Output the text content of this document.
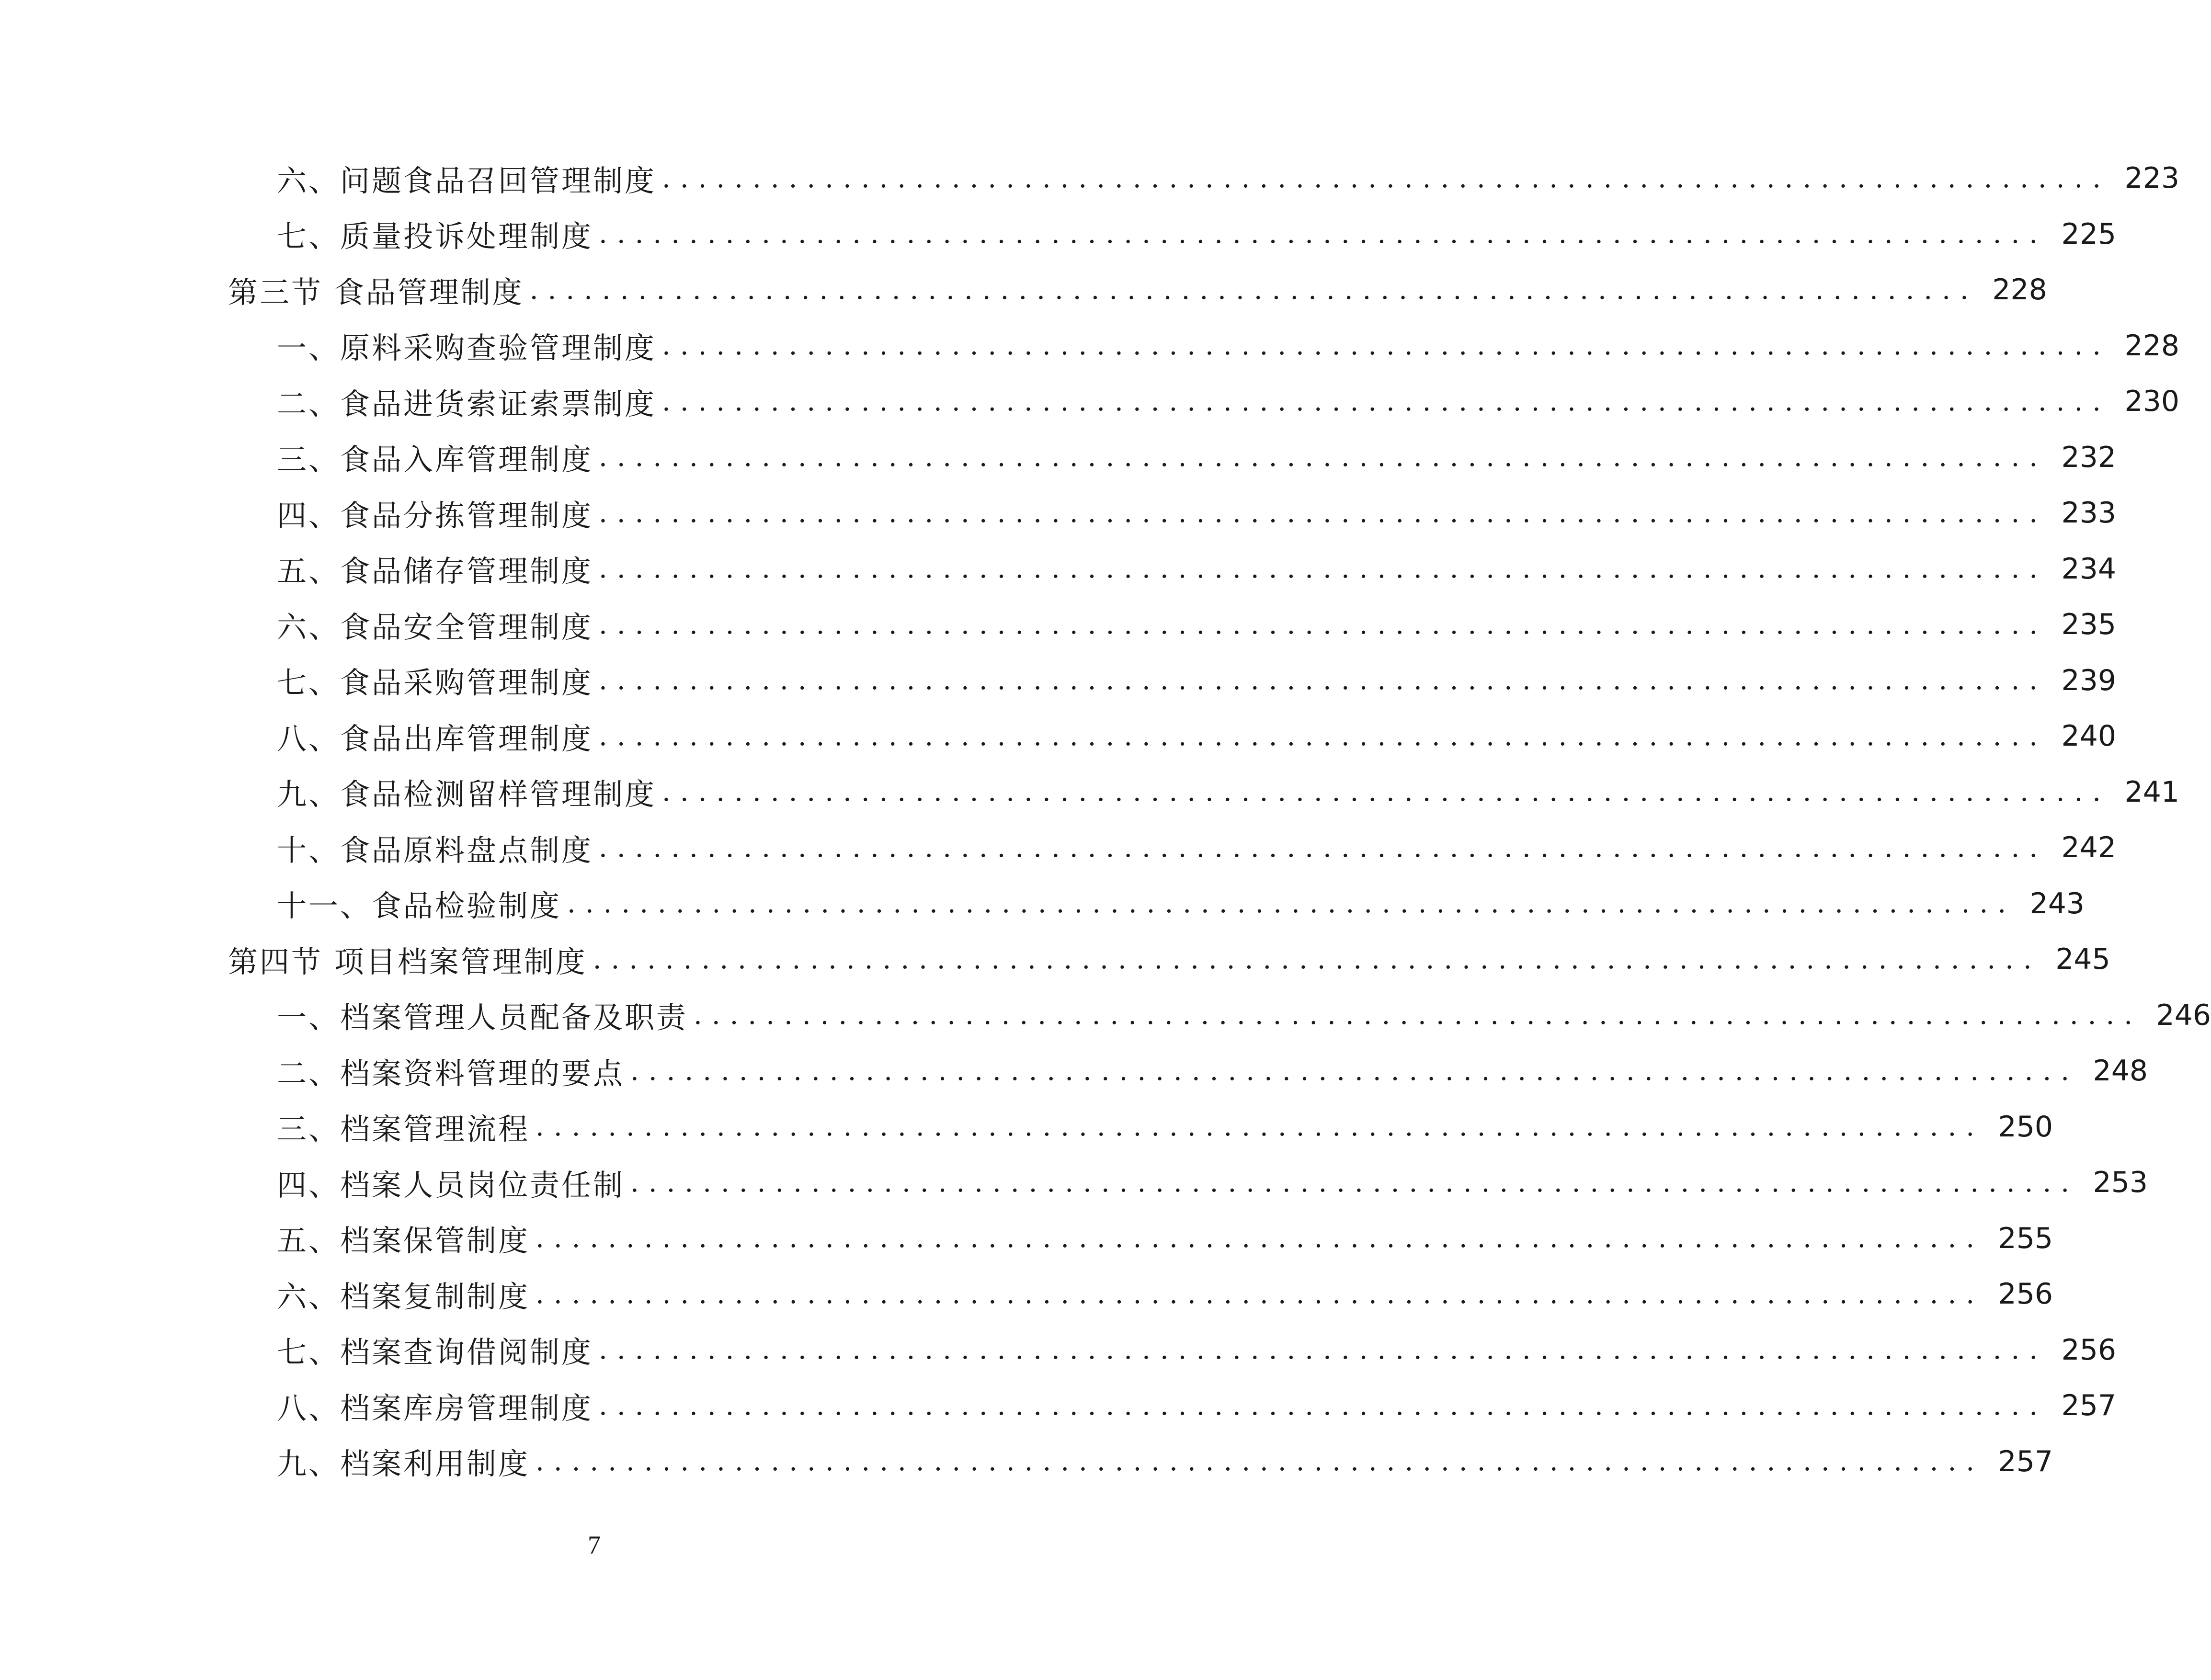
六、问题食品召回管理制度 ................................................................................ 223
七、质量投诉处理制度 ................................................................................ 225
第三节 食品管理制度 ................................................................................ 228
一、原料采购查验管理制度 ................................................................................ 228
二、食品进货索证索票制度 ................................................................................ 230
三、食品入库管理制度 ................................................................................ 232
四、食品分拣管理制度 ................................................................................ 233
五、食品储存管理制度 ................................................................................ 234
六、食品安全管理制度 ................................................................................ 235
七、食品采购管理制度 ................................................................................ 239
八、食品出库管理制度 ................................................................................ 240
九、食品检测留样管理制度 ................................................................................ 241
十、食品原料盘点制度 ................................................................................ 242
十一、食品检验制度 ................................................................................ 243
第四节 项目档案管理制度 ................................................................................ 245
一、档案管理人员配备及职责 ................................................................................ 246
二、档案资料管理的要点 ................................................................................ 248
三、档案管理流程 ................................................................................ 250
四、档案人员岗位责任制 ................................................................................ 253
五、档案保管制度 ................................................................................ 255
六、档案复制制度 ................................................................................ 256
七、档案查询借阅制度 ................................................................................ 256
八、档案库房管理制度 ................................................................................ 257
九、档案利用制度 ................................................................................ 257
7
